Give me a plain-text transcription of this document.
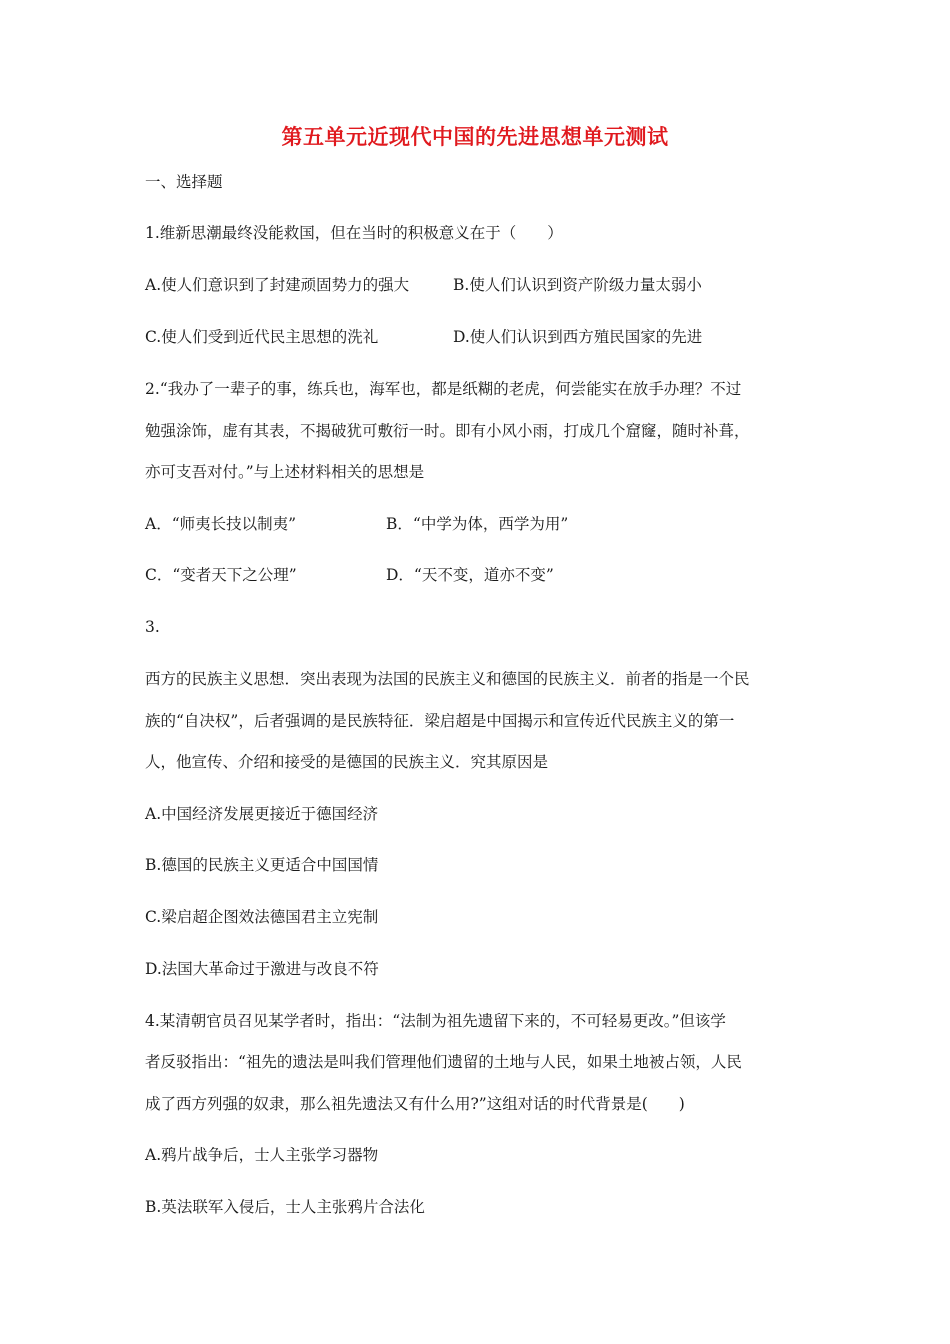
第五单元近现代中国的先进思想单元测试
一、选择题
1.维新思潮最终没能救国，但在当时的积极意义在于（　　）
A.使人们意识到了封建顽固势力的强大	B.使人们认识到资产阶级力量太弱小
C.使人们受到近代民主思想的洗礼	D.使人们认识到西方殖民国家的先进
2.“我办了一辈子的事，练兵也，海军也，都是纸糊的老虎，何尝能实在放手办理？不过
勉强涂饰，虚有其表，不揭破犹可敷衍一时。即有小风小雨，打成几个窟窿，随时补葺，
亦可支吾对付。”与上述材料相关的思想是
A．“师夷长技以制夷”	B．“中学为体，西学为用”
C．“变者天下之公理”	D．“天不变，道亦不变”
3.
西方的民族主义思想．突出表现为法国的民族主义和德国的民族主义．前者的指是一个民
族的“自决权”，后者强调的是民族特征．梁启超是中国揭示和宣传近代民族主义的第一
人，他宣传、介绍和接受的是德国的民族主义．究其原因是
A.中国经济发展更接近于德国经济
B.德国的民族主义更适合中国国情
C.梁启超企图效法德国君主立宪制
D.法国大革命过于激进与改良不符
4.某清朝官员召见某学者时，指出：“法制为祖先遗留下来的，不可轻易更改。”但该学
者反驳指出：“祖先的遗法是叫我们管理他们遗留的土地与人民，如果土地被占领，人民
成了西方列强的奴隶，那么祖先遗法又有什么用?”这组对话的时代背景是(　　)
A.鸦片战争后，士人主张学习器物
B.英法联军入侵后，士人主张鸦片合法化
